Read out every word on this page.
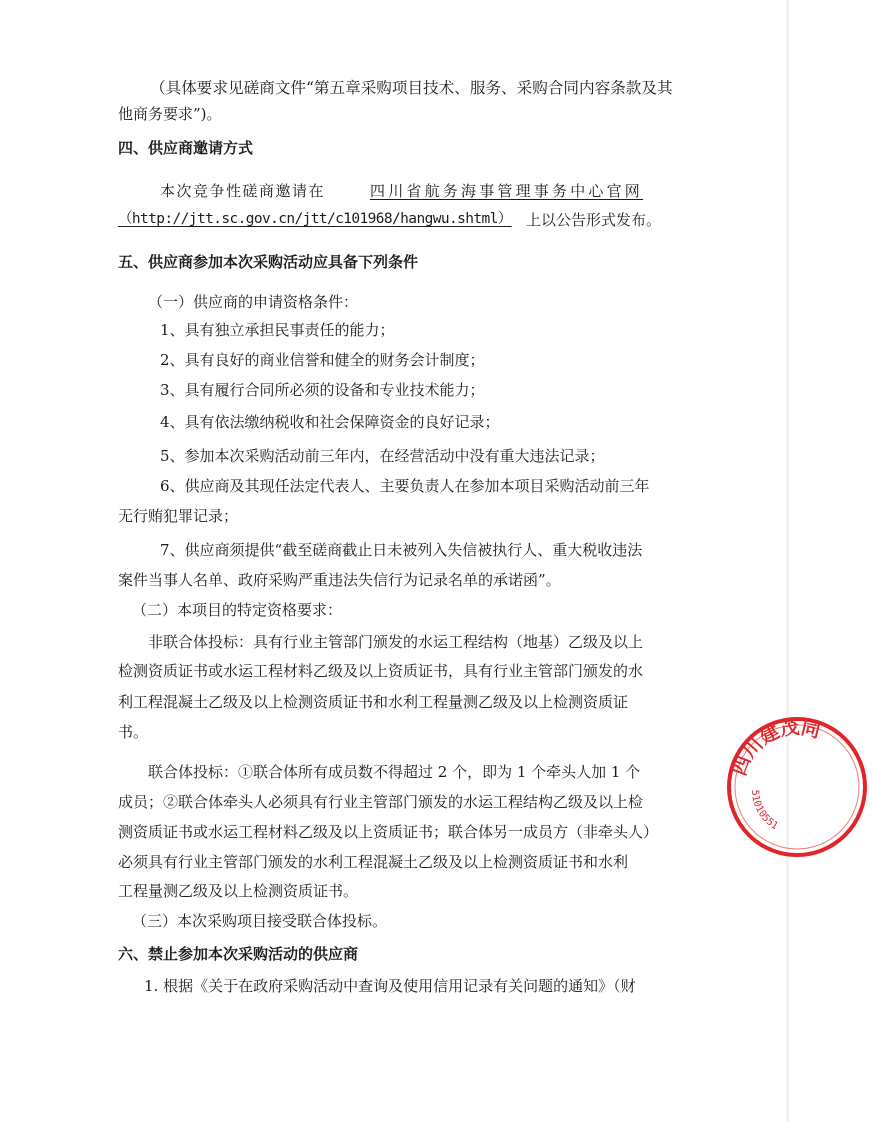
（具体要求见磋商文件“第五章采购项目技术、服务、采购合同内容条款及其
他商务要求”)。
四、供应商邀请方式
本次竞争性磋商邀请在	四川省航务海事管理事务中心官网
（http://jtt.sc.gov.cn/jtt/c101968/hangwu.shtml） 上以公告形式发布。
五、供应商参加本次采购活动应具备下列条件
（一）供应商的申请资格条件：
1、具有独立承担民事责任的能力；
2、具有良好的商业信誉和健全的财务会计制度；
3、具有履行合同所必须的设备和专业技术能力；
4、具有依法缴纳税收和社会保障资金的良好记录；
5、参加本次采购活动前三年内，在经营活动中没有重大违法记录；
6、供应商及其现任法定代表人、主要负责人在参加本项目采购活动前三年
无行贿犯罪记录；
7、供应商须提供“截至磋商截止日未被列入失信被执行人、重大税收违法
案件当事人名单、政府采购严重违法失信行为记录名单的承诺函”。
（二）本项目的特定资格要求：
非联合体投标：具有行业主管部门颁发的水运工程结构（地基）乙级及以上
检测资质证书或水运工程材料乙级及以上资质证书，具有行业主管部门颁发的水
利工程混凝土乙级及以上检测资质证书和水利工程量测乙级及以上检测资质证
书。
联合体投标：①联合体所有成员数不得超过 2 个，即为 1 个牵头人加 1 个
成员；②联合体牵头人必须具有行业主管部门颁发的水运工程结构乙级及以上检
测资质证书或水运工程材料乙级及以上资质证书；联合体另一成员方（非牵头人）
必须具有行业主管部门颁发的水利工程混凝土乙级及以上检测资质证书和水利
工程量测乙级及以上检测资质证书。
（三）本次采购项目接受联合体投标。
六、禁止参加本次采购活动的供应商
1. 根据《关于在政府采购活动中查询及使用信用记录有关问题的通知》（财
四川建茂同
51010551
